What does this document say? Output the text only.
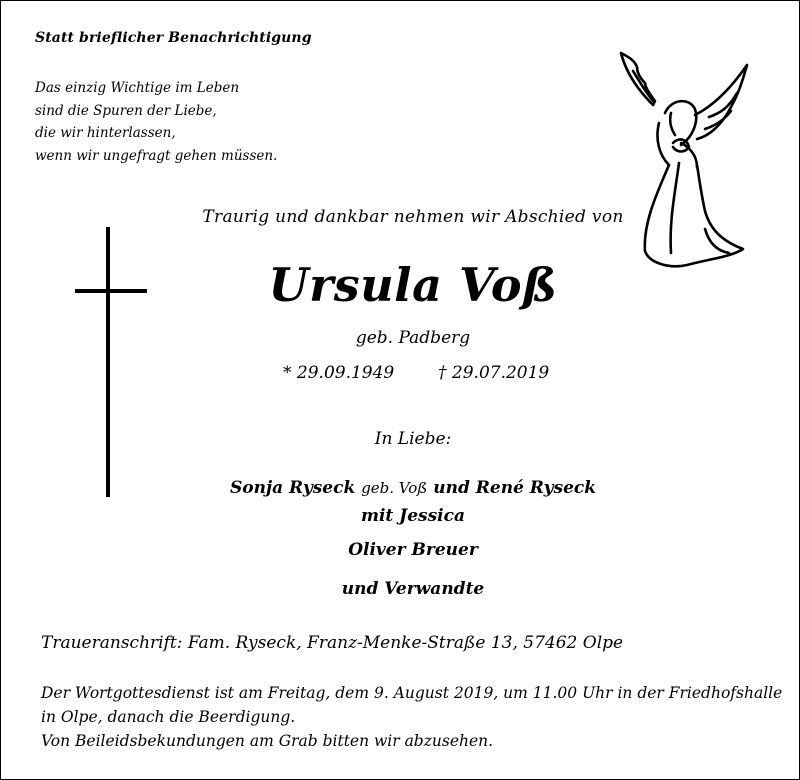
Statt brieflicher Benachrichtigung
Das einzig Wichtige im Leben
sind die Spuren der Liebe,
die wir hinterlassen,
wenn wir ungefragt gehen müssen.
Traurig und dankbar nehmen wir Abschied von
Ursula Voß
geb. Padberg
* 29.09.1949	† 29.07.2019
In Liebe:
Sonja Ryseck geb. Voß und René Ryseck
mit Jessica
Oliver Breuer
und Verwandte
Traueranschrift: Fam. Ryseck, Franz-Menke-Straße 13, 57462 Olpe
Der Wortgottesdienst ist am Freitag, dem 9. August 2019, um 11.00 Uhr in der Friedhofshalle
in Olpe, danach die Beerdigung.
Von Beileidsbekundungen am Grab bitten wir abzusehen.
